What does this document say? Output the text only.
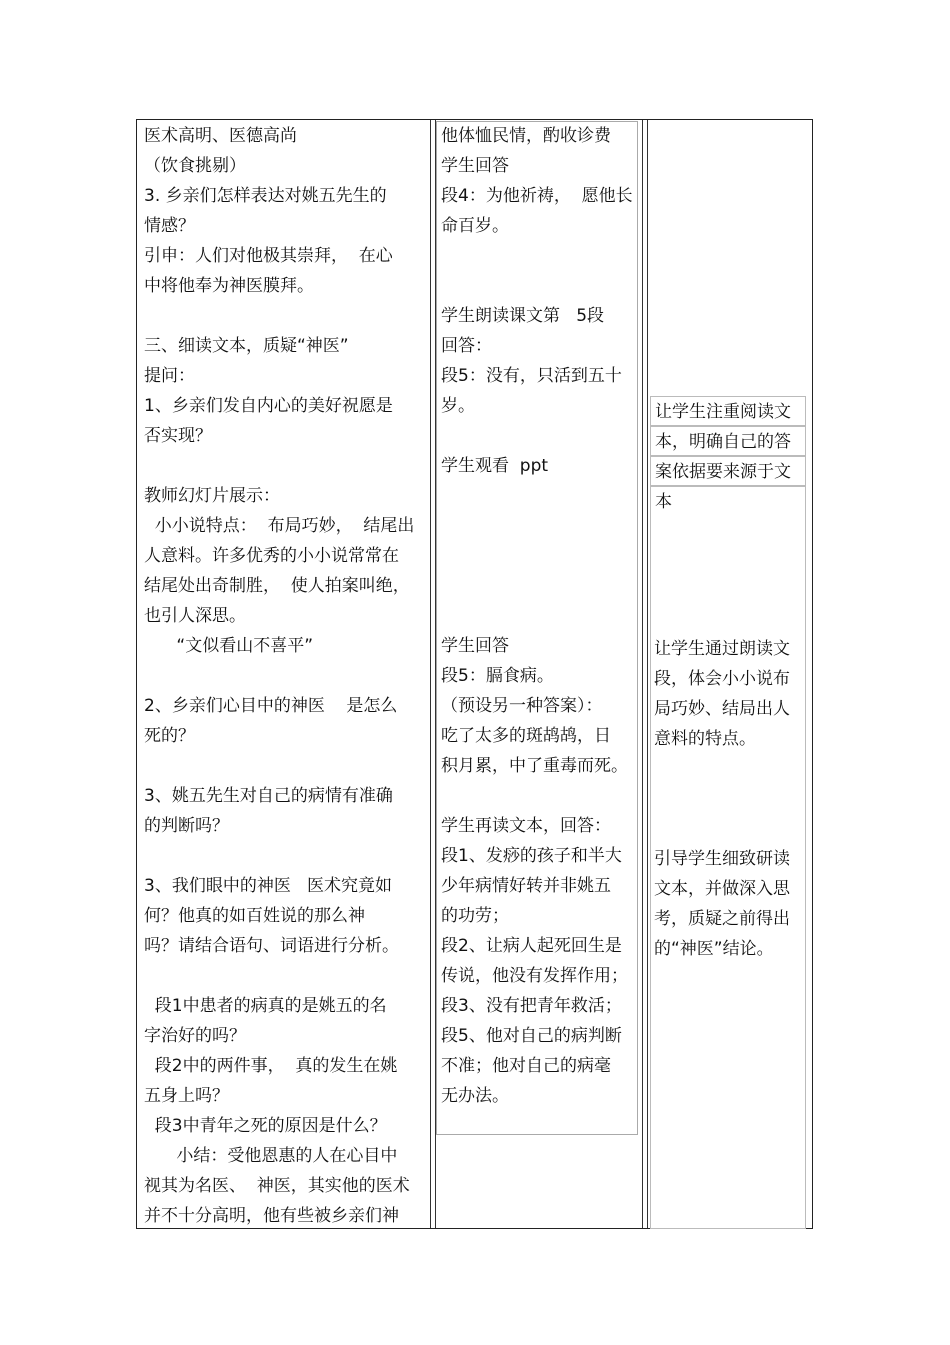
医术高明、医德高尚
（饮食挑剔）
3. 乡亲们怎样表达对姚五先生的
情感？
引申：人们对他极其崇拜，  在心
中将他奉为神医膜拜。
三、细读文本，质疑“神医”
提问：
1、乡亲们发自内心的美好祝愿是
否实现？
教师幻灯片展示：
小小说特点：  布局巧妙，  结尾出
人意料。许多优秀的小小说常常在
结尾处出奇制胜，  使人拍案叫绝，
也引人深思。
“文似看山不喜平”
2、乡亲们心目中的神医    是怎么
死的？
3、姚五先生对自己的病情有准确
的判断吗？
3、我们眼中的神医   医术究竟如
何？他真的如百姓说的那么神
吗？请结合语句、词语进行分析。
段1中患者的病真的是姚五的名
字治好的吗？
段2中的两件事，  真的发生在姚
五身上吗？
段3中青年之死的原因是什么？
小结：受他恩惠的人在心目中
视其为名医、  神医，其实他的医术
并不十分高明，他有些被乡亲们神
他体恤民情，酌收诊费
学生回答
段4：为他祈祷，  愿他长
命百岁。
学生朗读课文第   5段
回答：
段5：没有，只活到五十
岁。
学生观看  ppt
学生回答
段5：膈食病。
（预设另一种答案）：
吃了太多的斑鸪鸪，日
积月累，中了重毒而死。
学生再读文本，回答：
段1、发痧的孩子和半大
少年病情好转并非姚五
的功劳；
段2、让病人起死回生是
传说，他没有发挥作用；
段3、没有把青年救活；
段5、他对自己的病判断
不准；他对自己的病毫
无办法。
让学生注重阅读文
本，明确自己的答
案依据要来源于文
本
让学生通过朗读文
段，体会小小说布
局巧妙、结局出人
意料的特点。
引导学生细致研读
文本，并做深入思
考，质疑之前得出
的“神医”结论。
